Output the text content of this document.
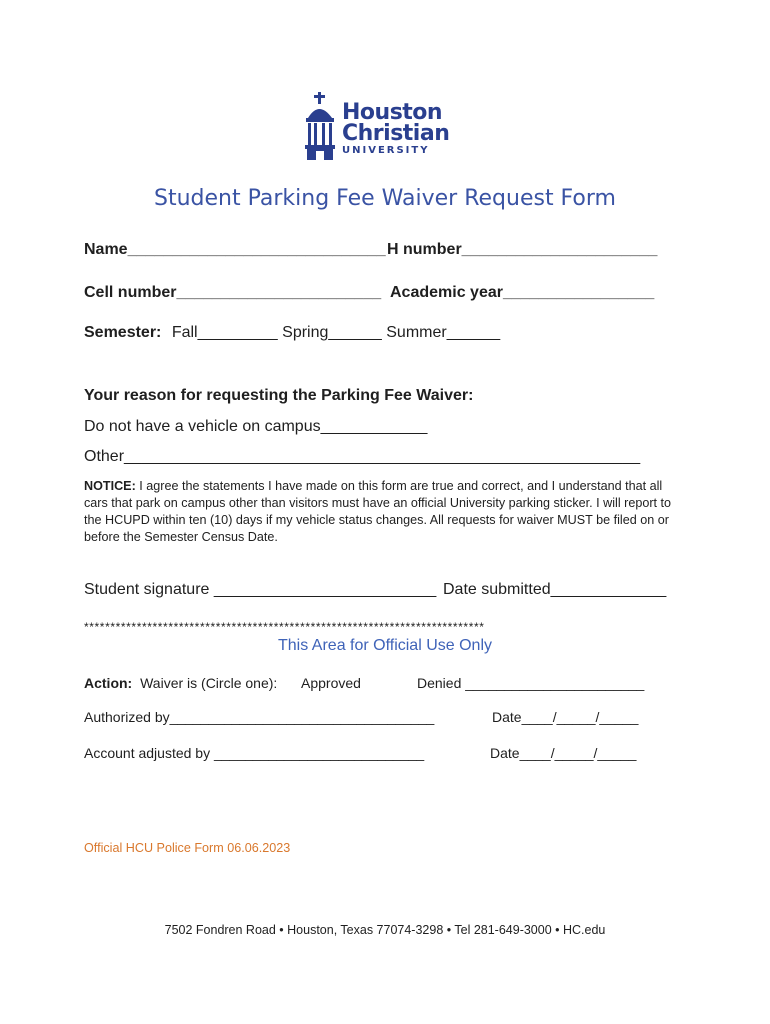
Houston
Christian
UNIVERSITY
Student Parking Fee Waiver Request Form
Name_____________________________ H number______________________
Cell number_______________________ Academic year_________________
Semester: Fall_________ Spring______ Summer______
Your reason for requesting the Parking Fee Waiver:
Do not have a vehicle on campus____________
Other__________________________________________________________
NOTICE: I agree the statements I have made on this form are true and correct, and I understand that all cars that park on campus other than visitors must have an official University parking sticker. I will report to the HCUPD within ten (10) days if my vehicle status changes. All requests for waiver MUST be filed on or before the Semester Census Date.
Student signature _________________________ Date submitted_____________
****************************************************************************
This Area for Official Use Only
Action: Waiver is (Circle one): Approved	Denied _______________________
Authorized by__________________________________	Date____/_____/_____
Account adjusted by ___________________________	Date____/_____/_____
Official HCU Police Form 06.06.2023
7502 Fondren Road • Houston, Texas 77074-3298 • Tel 281-649-3000 • HC.edu
